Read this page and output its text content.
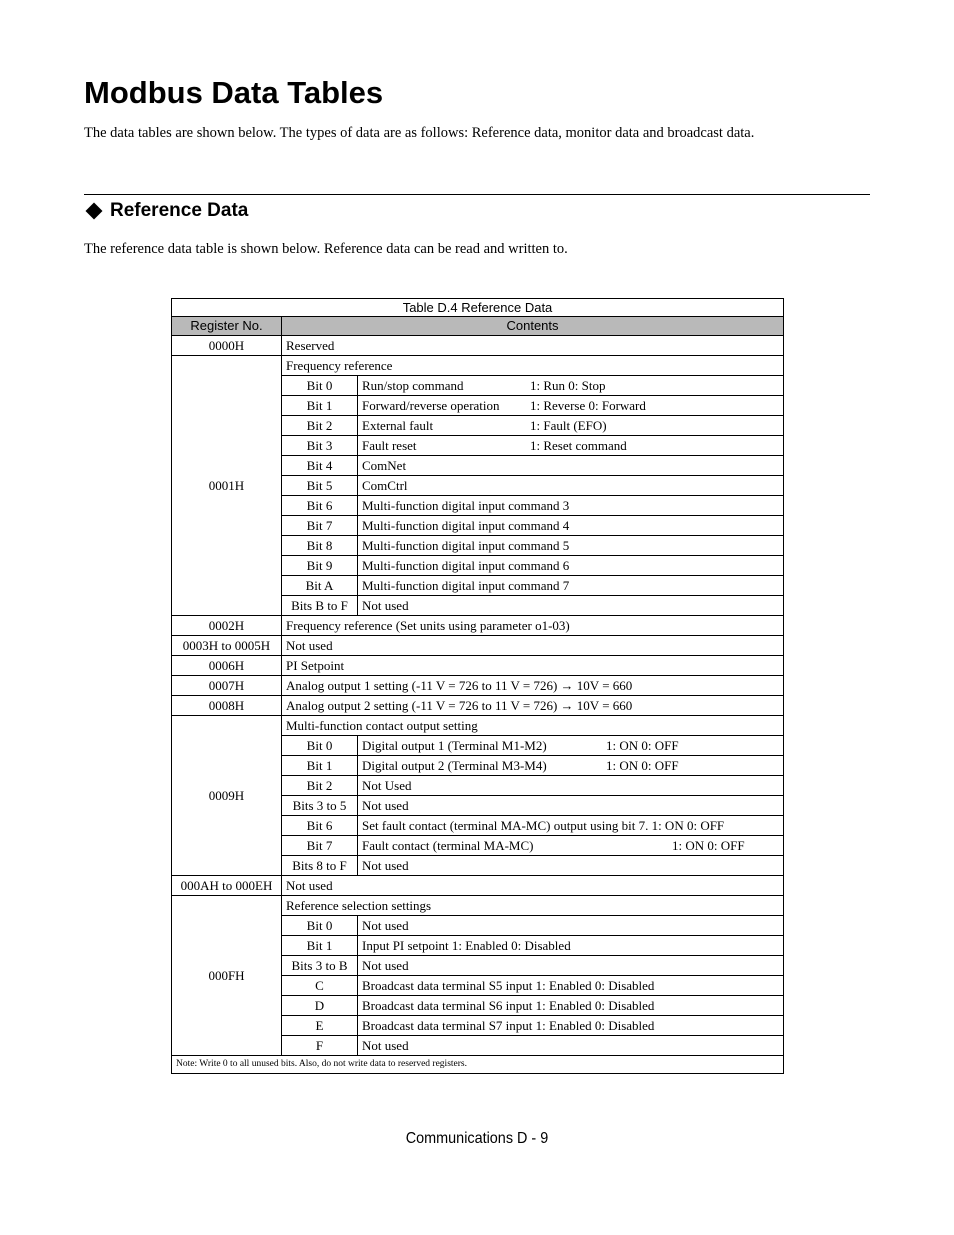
Modbus Data Tables

The data tables are shown below. The types of data are as follows: Reference data, monitor data and broadcast data.

Reference Data

The reference data table is shown below. Reference data can be read and written to.

Table D.4 Reference Data		
Register No.	Contents	
0000H	Reserved	
0001H	Frequency reference	
	Bit 0	Run/stop command 1: Run 0: Stop
	Bit 1	Forward/reverse operation 1: Reverse 0: Forward
	Bit 2	External fault 1: Fault (EFO)
	Bit 3	Fault reset 1: Reset command
	Bit 4	ComNet
	Bit 5	ComCtrl
	Bit 6	Multi-function digital input command 3
	Bit 7	Multi-function digital input command 4
	Bit 8	Multi-function digital input command 5
	Bit 9	Multi-function digital input command 6
	Bit A	Multi-function digital input command 7
	Bits B to F	Not used
0002H	Frequency reference (Set units using parameter o1-03)	
0003H to 0005H	Not used	
0006H	PI Setpoint	
0007H	Analog output 1 setting (-11 V = 726 to 11 V = 726) → 10V = 660	
0008H	Analog output 2 setting (-11 V = 726 to 11 V = 726) → 10V = 660	
0009H	Multi-function contact output setting	
	Bit 0	Digital output 1 (Terminal M1-M2) 1: ON 0: OFF
	Bit 1	Digital output 2 (Terminal M3-M4) 1: ON 0: OFF
	Bit 2	Not Used
	Bits 3 to 5	Not used
	Bit 6	Set fault contact (terminal MA-MC) output using bit 7. 1: ON 0: OFF
	Bit 7	Fault contact (terminal MA-MC) 1: ON 0: OFF
	Bits 8 to F	Not used
000AH to 000EH	Not used	
000FH	Reference selection settings	
	Bit 0	Not used
	Bit 1	Input PI setpoint 1: Enabled 0: Disabled
	Bits 3 to B	Not used
	C	Broadcast data terminal S5 input 1: Enabled 0: Disabled
	D	Broadcast data terminal S6 input 1: Enabled 0: Disabled
	E	Broadcast data terminal S7 input 1: Enabled 0: Disabled
	F	Not used
Note: Write 0 to all unused bits. Also, do not write data to reserved registers.		
Communications D - 9
